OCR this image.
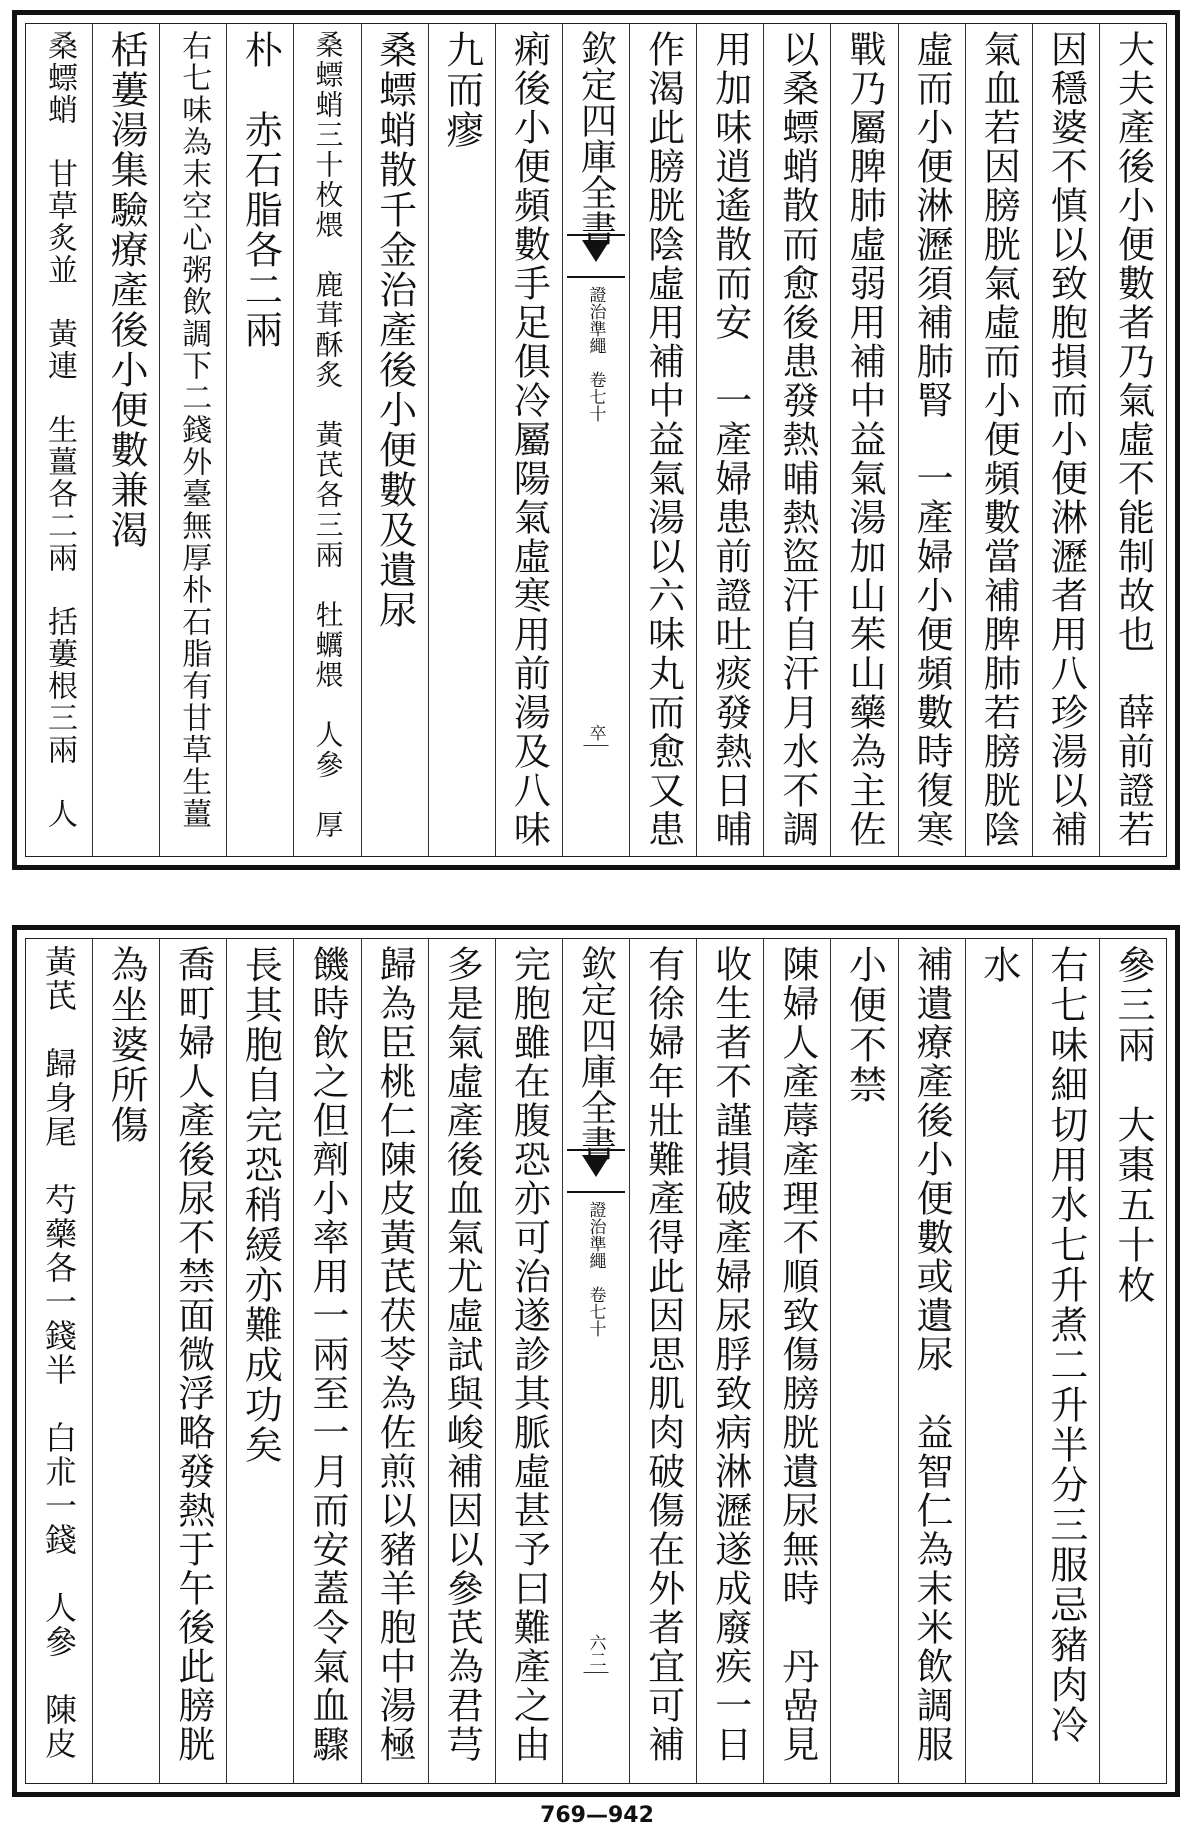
大夫產後小便數者乃氣虛不能制故也　薛前證若
因穩婆不慎以致胞損而小便淋瀝者用八珍湯以補
氣血若因膀胱氣虛而小便頻數當補脾肺若膀胱陰
虛而小便淋瀝須補肺腎　一產婦小便頻數時復寒
戰乃屬脾肺虛弱用補中益氣湯加山茱山藥為主佐
以桑螵蛸散而愈後患發熱晡熱盜汗自汗月水不調
用加味逍遙散而安　一產婦患前證吐痰發熱日晡
作渴此膀胱陰虛用補中益氣湯以六味丸而愈又患
欽定四庫全書
證治準繩　卷七十
卒
痢後小便頻數手足俱冷屬陽氣虛寒用前湯及八味
九而瘳
桑螵蛸散千金治產後小便數及遺尿
桑螵蛸三十枚煨　鹿茸酥炙　黃芪各三兩　牡蠣煨　人參　厚
朴　赤石脂各二兩
右七味為末空心粥飲調下二錢外臺無厚朴石脂有甘草生薑
栝蔞湯集驗療產後小便數兼渴
桑螵蛸　甘草炙並　黃連　生薑各二兩　括蔞根三兩　人
參三兩　大棗五十枚
右七味細切用水七升煮二升半分三服忌豬肉冷
水
補遺療產後小便數或遺尿　益智仁為末米飲調服
小便不禁
陳婦人產蓐產理不順致傷膀胱遺尿無時　丹嵒見
收生者不謹損破產婦尿脬致病淋瀝遂成廢疾一日
有徐婦年壯難產得此因思肌肉破傷在外者宜可補
欽定四庫全書
證治準繩　卷七十
六二
完胞雖在腹恐亦可治遂診其脈虛甚予曰難產之由
多是氣虛產後血氣尤虛試與峻補因以參芪為君芎
歸為臣桃仁陳皮黃芪茯苓為佐煎以豬羊胞中湯極
饑時飲之但劑小率用一兩至一月而安蓋令氣血驟
長其胞自完恐稍緩亦難成功矣
喬町婦人產後尿不禁面微浮略發熱于午後此膀胱
為坐婆所傷
黃芪　歸身尾　芍藥各一錢半　白朮一錢　人參　陳皮
769—942
